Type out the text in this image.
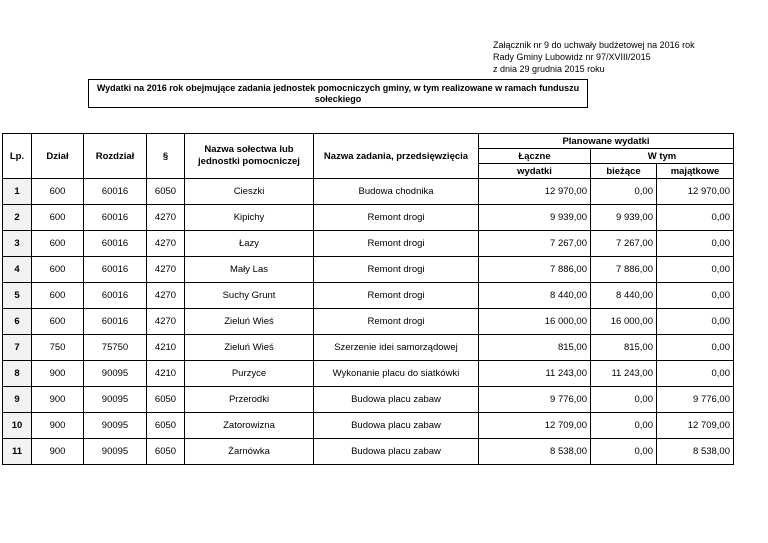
Załącznik nr 9 do uchwały budżetowej na 2016 rok
Rady Gminy Lubowidz nr 97/XVIII/2015
z dnia 29 grudnia 2015 roku
Wydatki na 2016 rok obejmujące zadania jednostek pomocniczych gminy, w tym realizowane w ramach funduszu sołeckiego
Lp.	Dział	Rozdział	§	Nazwa sołectwa lub jednostki pomocniczej	Nazwa zadania, przedsięwzięcia	Planowane wydatki		
						Łączne	W tym	
						wydatki	bieżące	majątkowe
1	600	60016	6050	Cieszki	Budowa chodnika	12 970,00	0,00	12 970,00
2	600	60016	4270	Kipichy	Remont drogi	9 939,00	9 939,00	0,00
3	600	60016	4270	Łazy	Remont drogi	7 267,00	7 267,00	0,00
4	600	60016	4270	Mały Las	Remont drogi	7 886,00	7 886,00	0,00
5	600	60016	4270	Suchy Grunt	Remont drogi	8 440,00	8 440,00	0,00
6	600	60016	4270	Zieluń Wieś	Remont drogi	16 000,00	16 000,00	0,00
7	750	75750	4210	Zieluń Wieś	Szerzenie idei samorządowej	815,00	815,00	0,00
8	900	90095	4210	Purzyce	Wykonanie placu do siatkówki	11 243,00	11 243,00	0,00
9	900	90095	6050	Przerodki	Budowa placu zabaw	9 776,00	0,00	9 776,00
10	900	90095	6050	Zatorowizna	Budowa placu zabaw	12 709,00	0,00	12 709,00
11	900	90095	6050	Żarnówka	Budowa placu zabaw	8 538,00	0,00	8 538,00
